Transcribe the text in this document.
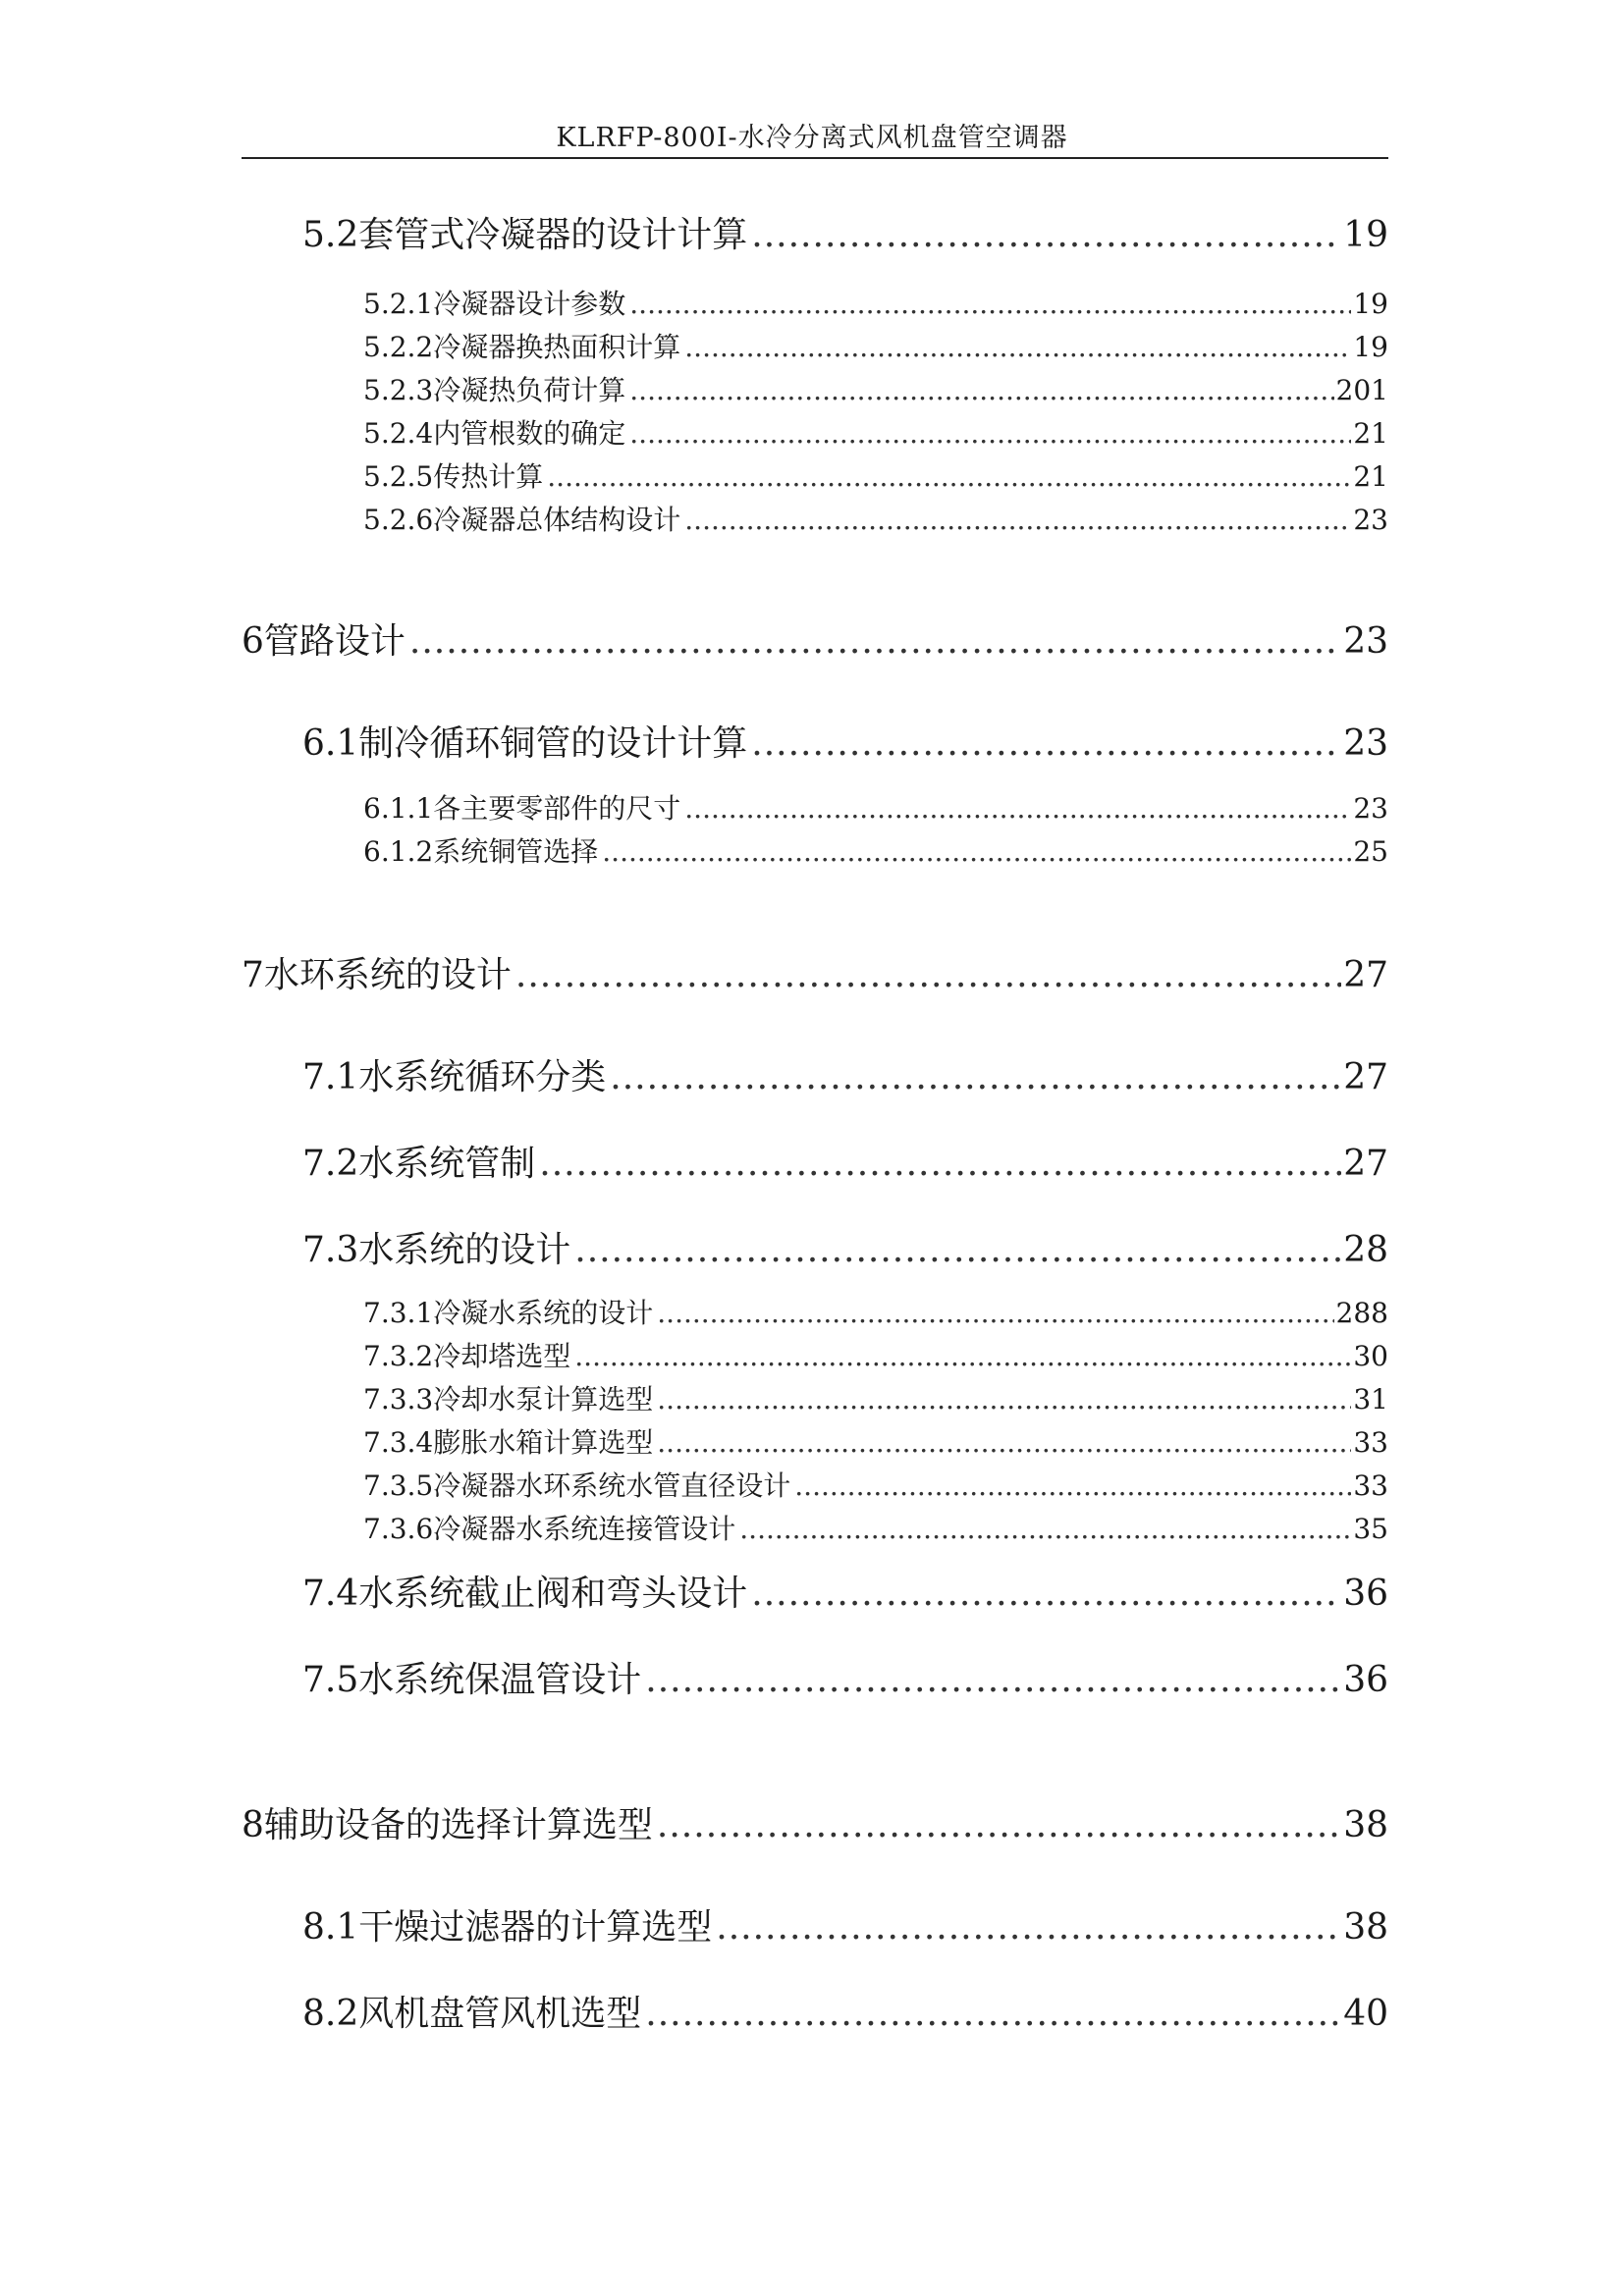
KLRFP-800Ⅰ-水冷分离式风机盘管空调器
5.2 套管式冷凝器的设计计算 .....	19
5.2.1 冷凝器设计参数 .....	19
5.2.2 冷凝器换热面积计算 .....	19
5.2.3 冷凝热负荷计算 .....	201
5.2.4 内管根数的确定 .....	21
5.2.5 传热计算 .....	21
5.2.6 冷凝器总体结构设计 .....	23
6 管路设计 .....	23
6.1 制冷循环铜管的设计计算 .....	23
6.1.1 各主要零部件的尺寸 .....	23
6.1.2 系统铜管选择 .....	25
7 水环系统的设计 .....	27
7.1 水系统循环分类 .....	27
7.2 水系统管制 .....	27
7.3 水系统的设计 .....	28
7.3.1 冷凝水系统的设计 .....	288
7.3.2 冷却塔选型 .....	30
7.3.3 冷却水泵计算选型 .....	31
7.3.4 膨胀水箱计算选型 .....	33
7.3.5 冷凝器水环系统水管直径设计 .....	33
7.3.6 冷凝器水系统连接管设计 .....	35
7.4 水系统截止阀和弯头设计 .....	36
7.5 水系统保温管设计 .....	36
8 辅助设备的选择计算选型 .....	38
8.1 干燥过滤器的计算选型 .....	38
8.2 风机盘管风机选型 .....	40
